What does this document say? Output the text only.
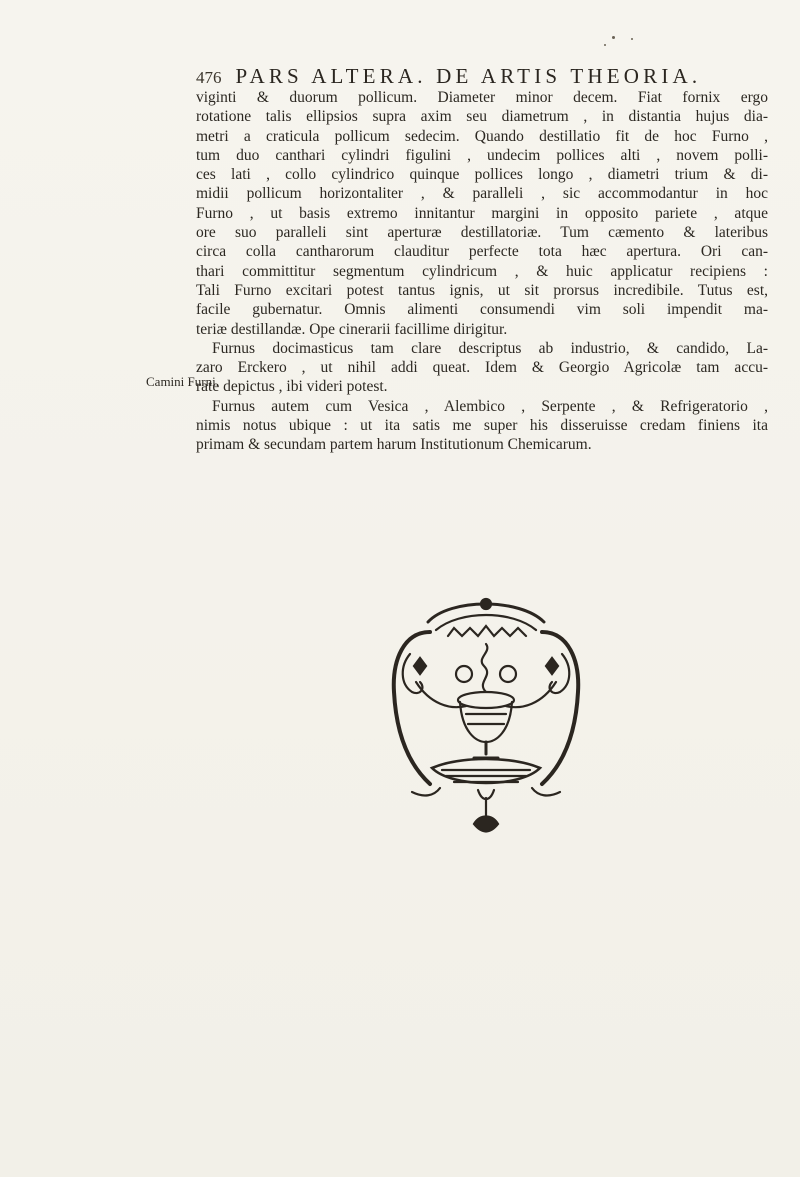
476 PARS ALTERA. DE ARTIS THEORIA.
Camini Furni.
viginti & duorum pollicum. Diameter minor decem. Fiat fornix ergo
rotatione talis ellipsios supra axim seu diametrum , in distantia hujus dia-
metri a craticula pollicum sedecim. Quando destillatio fit de hoc Furno ,
tum duo canthari cylindri figulini , undecim pollices alti , novem polli-
ces lati , collo cylindrico quinque pollices longo , diametri trium & di-
midii pollicum horizontaliter , & paralleli , sic accommodantur in hoc
Furno , ut basis extremo innitantur margini in opposito pariete , atque
ore suo paralleli sint aperturæ destillatoriæ. Tum cæmento & lateribus
circa colla cantharorum clauditur perfecte tota hæc apertura. Ori can-
thari committitur segmentum cylindricum , & huic applicatur recipiens :
Tali Furno excitari potest tantus ignis, ut sit prorsus incredibile. Tutus est,
facile gubernatur. Omnis alimenti consumendi vim soli impendit ma-
teriæ destillandæ. Ope cinerarii facillime dirigitur.
Furnus docimasticus tam clare descriptus ab industrio, & candido, La-
zaro Erckero , ut nihil addi queat. Idem & Georgio Agricolæ tam accu-
rate depictus , ibi videri potest.
Furnus autem cum Vesica , Alembico , Serpente , & Refrigeratorio ,
nimis notus ubique : ut ita satis me super his disseruisse credam finiens ita
primam & secundam partem harum Institutionum Chemicarum.
